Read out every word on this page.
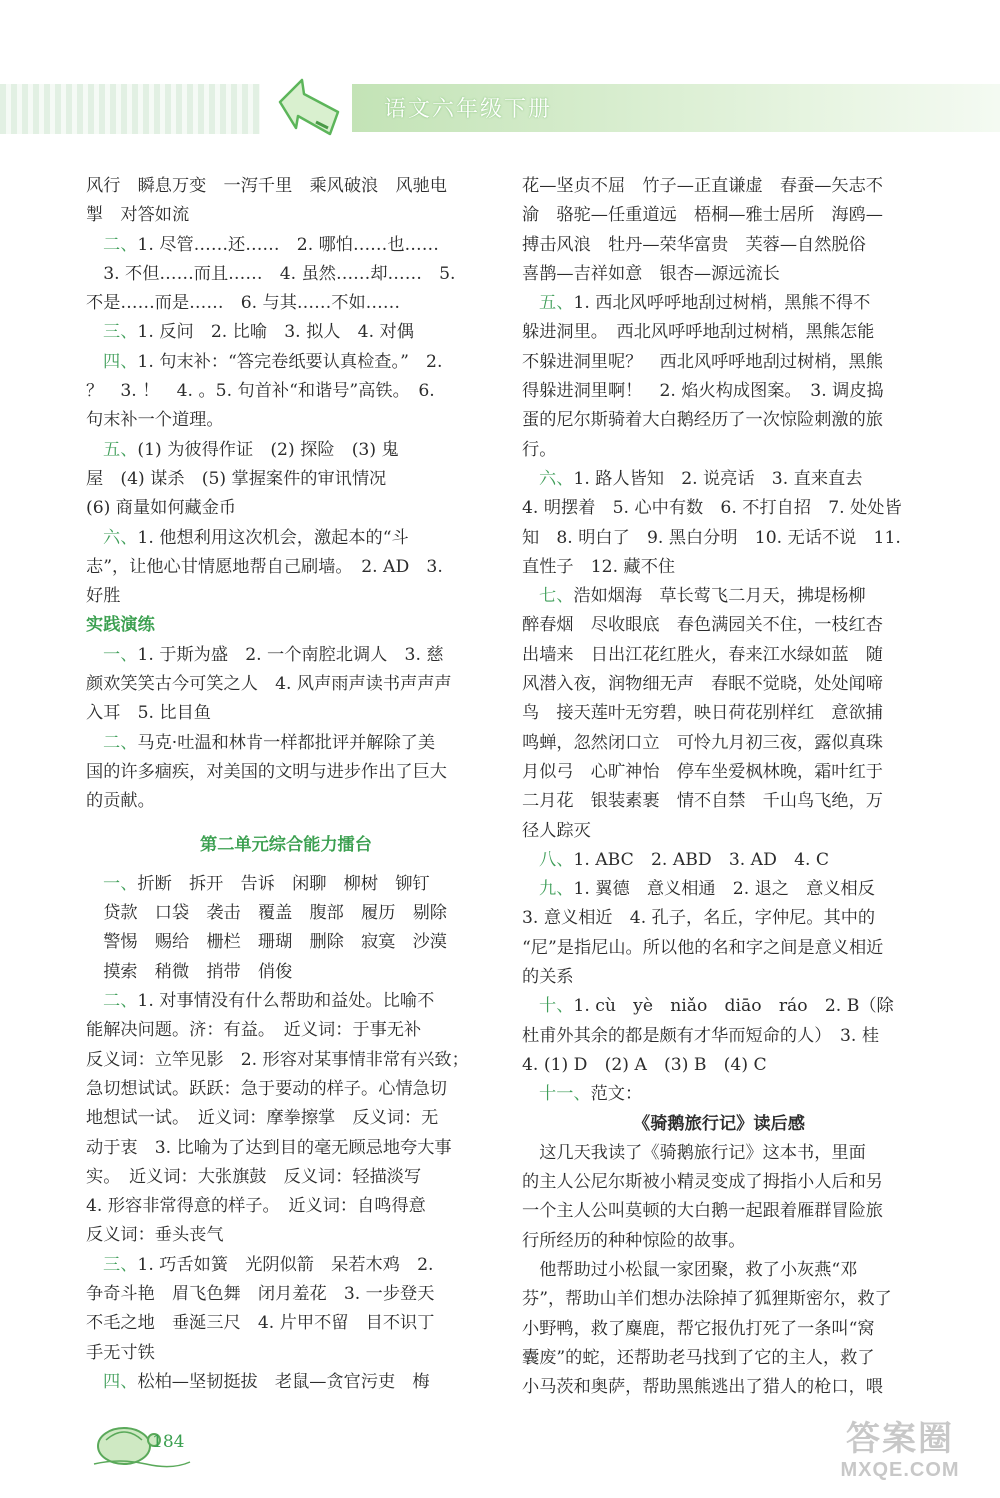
语文六年级下册

风行　瞬息万变　一泻千里　乘风破浪　风驰电

掣　对答如流

二、1. 尽管……还……　2. 哪怕……也……

　3. 不但……而且……　4. 虽然……却……　5.

不是……而是……　6. 与其……不如……

三、1. 反问　2. 比喻　3. 拟人　4. 对偶

四、1. 句末补：“答完卷纸要认真检查。”　2.

？　3. ！　4. 。5. 句首补“和谐号”高铁。　6.

句末补一个道理。

五、(1) 为彼得作证　(2) 探险　(3) 鬼

屋　(4) 谋杀　(5) 掌握案件的审讯情况

(6) 商量如何藏金币

六、1. 他想利用这次机会，激起本的“斗

志”，让他心甘情愿地帮自己刷墙。　2. AD　3.

好胜

实践演练

一、1. 于斯为盛　2. 一个南腔北调人　3. 慈

颜欢笑笑古今可笑之人　4. 风声雨声读书声声声

入耳　5. 比目鱼

二、马克·吐温和林肯一样都批评并解除了美

国的许多痼疾，对美国的文明与进步作出了巨大

的贡献。

第二单元综合能力擂台

一、折断　拆开　告诉　闲聊　柳树　铆钉

　贷款　口袋　袭击　覆盖　腹部　履历　剔除

　警惕　赐给　栅栏　珊瑚　删除　寂寞　沙漠

　摸索　稍微　捎带　俏俊

二、1. 对事情没有什么帮助和益处。比喻不

能解决问题。济：有益。　近义词：于事无补

反义词：立竿见影　2. 形容对某事情非常有兴致；

急切想试试。跃跃：急于要动的样子。心情急切

地想试一试。　近义词：摩拳擦掌　反义词：无

动于衷　3. 比喻为了达到目的毫无顾忌地夸大事

实。　近义词：大张旗鼓　反义词：轻描淡写

4. 形容非常得意的样子。　近义词：自鸣得意

反义词：垂头丧气

三、1. 巧舌如簧　光阴似箭　呆若木鸡　2.

争奇斗艳　眉飞色舞　闭月羞花　3. 一步登天

不毛之地　垂涎三尺　4. 片甲不留　目不识丁

手无寸铁

四、松柏—坚韧挺拔　老鼠—贪官污吏　梅

花—坚贞不屈　竹子—正直谦虚　春蚕—矢志不

渝　骆驼—任重道远　梧桐—雅士居所　海鸥—

搏击风浪　牡丹—荣华富贵　芙蓉—自然脱俗

喜鹊—吉祥如意　银杏—源远流长

五、1. 西北风呼呼地刮过树梢，黑熊不得不

躲进洞里。　西北风呼呼地刮过树梢，黑熊怎能

不躲进洞里呢？　西北风呼呼地刮过树梢，黑熊

得躲进洞里啊！　2. 焰火构成图案。　3. 调皮捣

蛋的尼尔斯骑着大白鹅经历了一次惊险刺激的旅

行。

六、1. 路人皆知　2. 说亮话　3. 直来直去

4. 明摆着　5. 心中有数　6. 不打自招　7. 处处皆

知　8. 明白了　9. 黑白分明　10. 无话不说　11.

直性子　12. 藏不住

七、浩如烟海　草长莺飞二月天，拂堤杨柳

醉春烟　尽收眼底　春色满园关不住，一枝红杏

出墙来　日出江花红胜火，春来江水绿如蓝　随

风潜入夜，润物细无声　春眠不觉晓，处处闻啼

鸟　接天莲叶无穷碧，映日荷花别样红　意欲捕

鸣蝉，忽然闭口立　可怜九月初三夜，露似真珠

月似弓　心旷神怡　停车坐爱枫林晚，霜叶红于

二月花　银装素裹　情不自禁　千山鸟飞绝，万

径人踪灭

八、1. ABC　2. ABD　3. AD　4. C

九、1. 翼德　意义相通　2. 退之　意义相反

3. 意义相近　4. 孔子，名丘，字仲尼。其中的

“尼”是指尼山。所以他的名和字之间是意义相近

的关系

十、1. cù　yè　niǎo　diāo　ráo　2. B（除

杜甫外其余的都是颇有才华而短命的人）　3. 桂

4. (1) D　(2) A　(3) B　(4) C

十一、范文：

《骑鹅旅行记》读后感

　这几天我读了《骑鹅旅行记》这本书，里面

的主人公尼尔斯被小精灵变成了拇指小人后和另

一个主人公叫莫顿的大白鹅一起跟着雁群冒险旅

行所经历的种种惊险的故事。

　他帮助过小松鼠一家团聚，救了小灰燕“邓

芬”，帮助山羊们想办法除掉了狐狸斯密尔，救了

小野鸭，救了麋鹿，帮它报仇打死了一条叫“窝

囊废”的蛇，还帮助老马找到了它的主人，救了

小马茨和奥萨，帮助黑熊逃出了猎人的枪口，喂

184	答案圈
MXQE.COM
